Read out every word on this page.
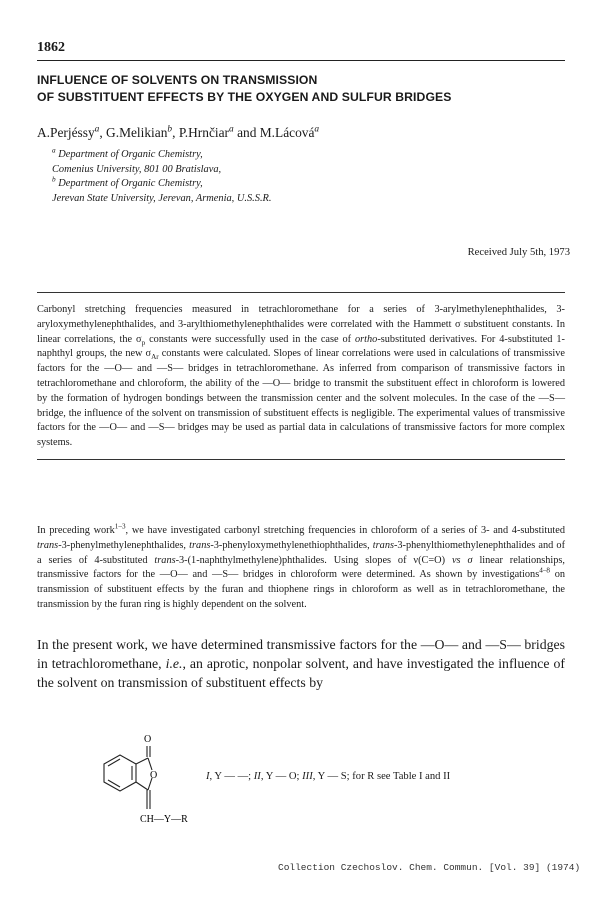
1862
INFLUENCE OF SOLVENTS ON TRANSMISSION
OF SUBSTITUENT EFFECTS BY THE OXYGEN AND SULFUR BRIDGES
A.Perjéssy$^a$, G.Melikian$^b$, P.Hrnčiar$^a$ and M.Lácová$^a$
$^a$ Department of Organic Chemistry,
Comenius University, 801 00 Bratislava,
$^b$ Department of Organic Chemistry,
Jerevan State University, Jerevan, Armenia, U.S.S.R.
Received July 5th, 1973
Carbonyl stretching frequencies measured in tetrachloromethane for a series of 3-arylmethylenephthalides, 3-aryloxymethylenephthalides, and 3-arylthiomethylenephthalides were correlated with the Hammett σ substituent constants. In linear correlations, the $\sigma_p$ constants were successfully used in the case of ortho-substituted derivatives. For 4-substituted 1-naphthyl groups, the new $\sigma_{Ar}$ constants were calculated. Slopes of linear correlations were used in calculations of transmissive factors for the —O— and —S— bridges in tetrachloromethane. As inferred from comparison of transmissive factors in tetrachloromethane and chloroform, the ability of the —O— bridge to transmit the substituent effect in chloroform is lowered by the formation of hydrogen bondings between the transmission center and the solvent molecules. In the case of the —S— bridge, the influence of the solvent on transmission of substituent effects is negligible. The experimental values of transmissive factors for the —O— and —S— bridges may be used as partial data in calculations of transmissive factors for more complex systems.
In preceding work$^{1-3}$, we have investigated carbonyl stretching frequencies in chloroform of a series of 3- and 4-substituted trans-3-phenylmethylenephthalides, trans-3-phenyloxymethylenethiophthalides, trans-3-phenylthiomethylenephthalides and of a series of 4-substituted trans-3-(1-naphthylmethylene)phthalides. Using slopes of ν(C=O) vs σ linear relationships, transmissive factors for the —O— and —S— bridges in chloroform were determined. As shown by investigations$^{4-8}$ on transmission of substituent effects by the furan and thiophene rings in chloroform as well as in tetrachloromethane, the transmission by the furan ring is highly dependent on the solvent.
In the present work, we have determined transmissive factors for the —O— and —S— bridges in tetrachloromethane, i.e., an aprotic, nonpolar solvent, and have investigated the influence of the solvent on transmission of substituent effects by
O
O
CH—Y—R
I, Y — —; II, Y — O; III, Y — S; for R see Table I and II
Collection Czechoslov. Chem. Commun. [Vol. 39] (1974)
